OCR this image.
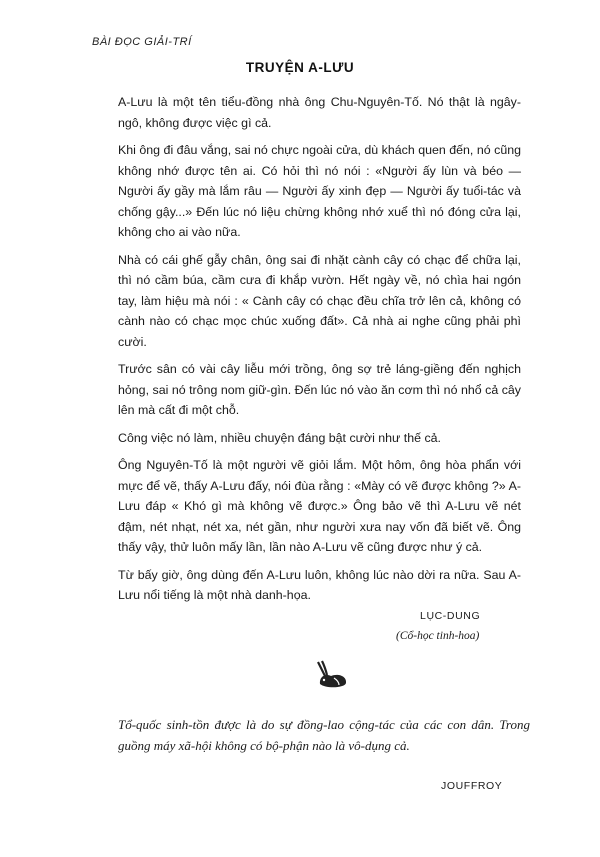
BÀI ĐỌC GIẢI-TRÍ
TRUYỆN A-LƯU

A-Lưu là một tên tiểu-đồng nhà ông Chu-Nguyên-Tố. Nó thật là ngây-ngô, không được việc gì cả.

Khi ông đi đâu vắng, sai nó chực ngoài cửa, dù khách quen đến, nó cũng không nhớ được tên ai. Có hỏi thì nó nói : «Người ấy lùn và béo — Người ấy gầy mà lắm râu — Người ấy xinh đẹp — Người ấy tuổi-tác và chống gậy...» Đến lúc nó liệu chừng không nhớ xuể thì nó đóng cửa lại, không cho ai vào nữa.

Nhà có cái ghế gẫy chân, ông sai đi nhặt cành cây có chạc để chữa lại, thì nó cầm búa, cầm cưa đi khắp vườn. Hết ngày về, nó chìa hai ngón tay, làm hiệu mà nói : « Cành cây có chạc đều chĩa trở lên cả, không có cành nào có chạc mọc chúc xuống đất». Cả nhà ai nghe cũng phải phì cười.

Trước sân có vài cây liễu mới trồng, ông sợ trẻ láng-giềng đến nghịch hỏng, sai nó trông nom giữ-gìn. Đến lúc nó vào ăn cơm thì nó nhổ cả cây lên mà cất đi một chỗ.

Công việc nó làm, nhiều chuyện đáng bật cười như thế cả.

Ông Nguyên-Tố là một người vẽ giỏi lắm. Một hôm, ông hòa phẩn với mực để vẽ, thấy A-Lưu đấy, nói đùa rằng : «Mày có vẽ được không ?» A-Lưu đáp « Khó gì mà không vẽ được.» Ông bảo vẽ thì A-Lưu vẽ nét đậm, nét nhạt, nét xa, nét gần, như người xưa nay vốn đã biết vẽ. Ông thấy vậy, thử luôn mấy lần, lần nào A-Lưu vẽ cũng được như ý cả.

Từ bấy giờ, ông dùng đến A-Lưu luôn, không lúc nào dời ra nữa. Sau A-Lưu nổi tiếng là một nhà danh-họa.

LỤC-DUNG
(Cổ-học tinh-hoa)
Tổ-quốc sinh-tồn được là do sự đồng-lao cộng-tác của các con dân. Trong guồng máy xã-hội không có bộ-phận nào là vô-dụng cả.
JOUFFROY
